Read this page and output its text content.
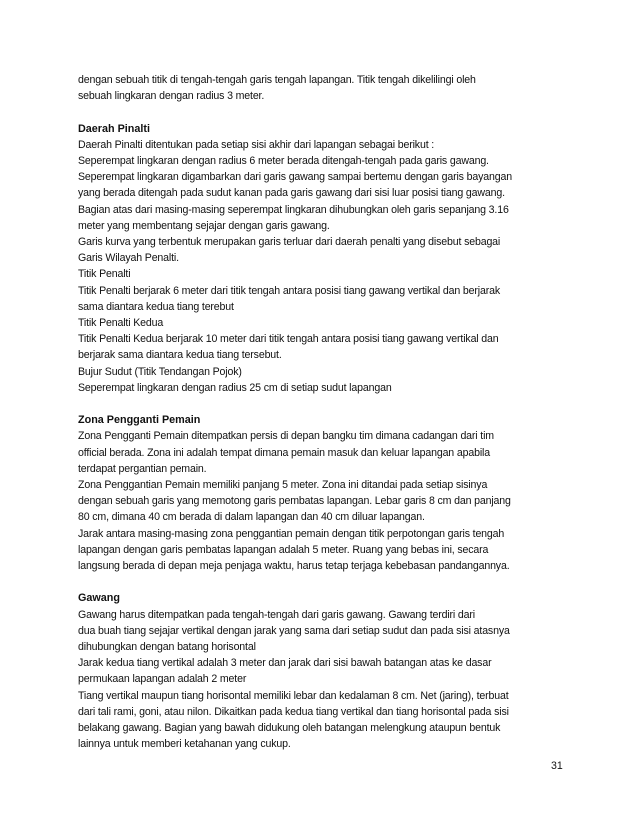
dengan sebuah titik di tengah-tengah garis tengah lapangan. Titik tengah dikelilingi oleh
sebuah lingkaran dengan radius 3 meter.
Daerah Pinalti
Daerah Pinalti ditentukan pada setiap sisi akhir dari lapangan sebagai berikut :
Seperempat lingkaran dengan radius 6 meter berada ditengah-tengah pada garis gawang.
Seperempat lingkaran digambarkan dari garis gawang sampai bertemu dengan garis bayangan
yang berada ditengah pada sudut kanan pada garis gawang dari sisi luar posisi tiang gawang.
Bagian atas dari masing-masing seperempat lingkaran dihubungkan oleh garis sepanjang 3.16
meter yang membentang sejajar dengan garis gawang.
Garis kurva yang terbentuk merupakan garis terluar dari daerah penalti yang disebut sebagai
Garis Wilayah Penalti.
Titik Penalti
Titik Penalti berjarak 6 meter dari titik tengah antara posisi tiang gawang vertikal dan berjarak
sama diantara kedua tiang terebut
Titik Penalti Kedua
Titik Penalti Kedua berjarak 10 meter dari titik tengah antara posisi tiang gawang vertikal dan
berjarak sama diantara kedua tiang tersebut.
Bujur Sudut (Titik Tendangan Pojok)
Seperempat lingkaran dengan radius 25 cm di setiap sudut lapangan
Zona Pengganti Pemain
Zona Pengganti Pemain ditempatkan persis di depan bangku tim dimana cadangan dari tim
official berada. Zona ini adalah tempat dimana pemain masuk dan keluar lapangan apabila
terdapat pergantian pemain.
Zona Penggantian Pemain memiliki panjang 5 meter. Zona ini ditandai pada setiap sisinya
dengan sebuah garis yang memotong garis pembatas lapangan. Lebar garis 8 cm dan panjang
80 cm, dimana 40 cm berada di dalam lapangan dan 40 cm diluar lapangan.
Jarak antara masing-masing zona penggantian pemain dengan titik perpotongan garis tengah
lapangan dengan garis pembatas lapangan adalah 5 meter. Ruang yang bebas ini, secara
langsung berada di depan meja penjaga waktu, harus tetap terjaga kebebasan pandangannya.
Gawang
Gawang harus ditempatkan pada tengah-tengah dari garis gawang. Gawang terdiri dari
dua buah tiang sejajar vertikal dengan jarak yang sama dari setiap sudut dan pada sisi atasnya
dihubungkan dengan batang horisontal
Jarak kedua tiang vertikal adalah 3 meter dan jarak dari sisi bawah batangan atas ke dasar
permukaan lapangan adalah 2 meter
Tiang vertikal maupun tiang horisontal memiliki lebar dan kedalaman 8 cm. Net (jaring), terbuat
dari tali rami, goni, atau nilon. Dikaitkan pada kedua tiang vertikal dan tiang horisontal pada sisi
belakang gawang. Bagian yang bawah didukung oleh batangan melengkung ataupun bentuk
lainnya untuk memberi ketahanan yang cukup.
31
